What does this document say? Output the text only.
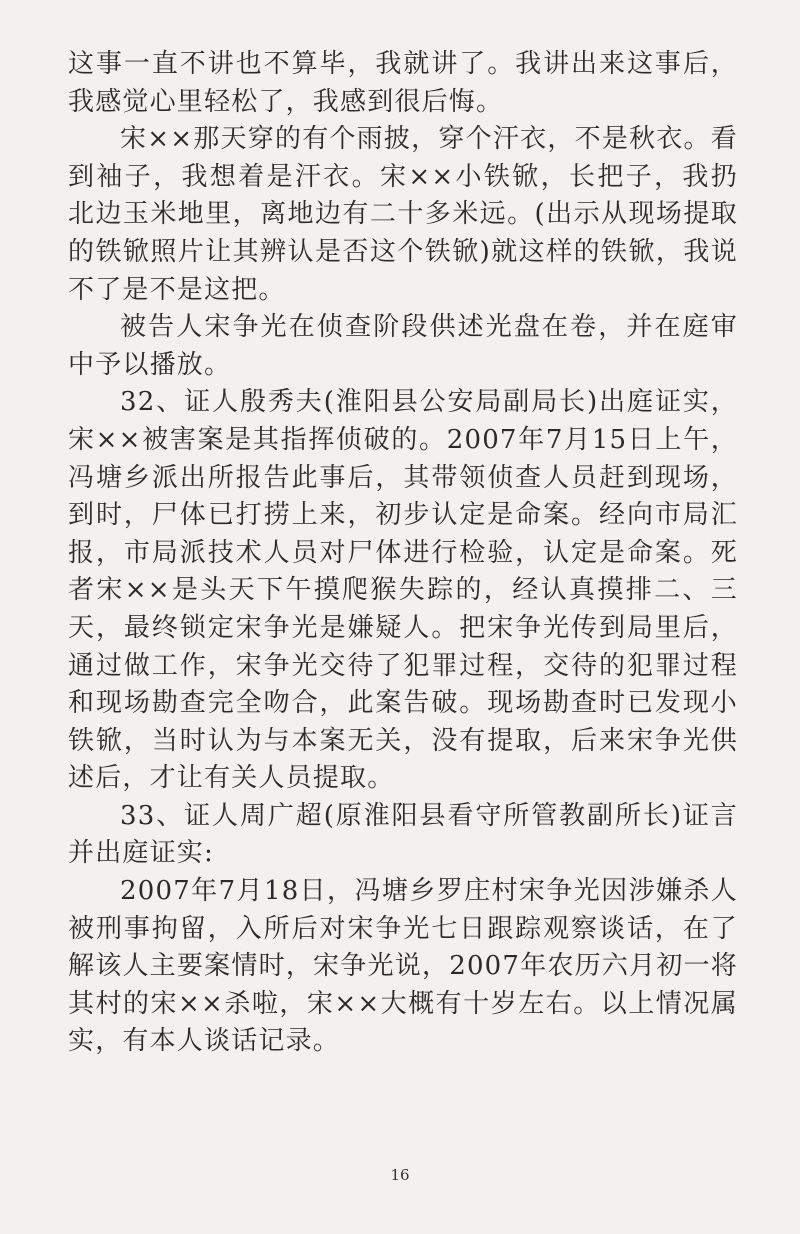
这事一直不讲也不算毕，我就讲了。我讲出来这事后，我感觉心里轻松了，我感到很后悔。

宋××那天穿的有个雨披，穿个汗衣，不是秋衣。看到袖子，我想着是汗衣。宋××小铁锨，长把子，我扔北边玉米地里，离地边有二十多米远。(出示从现场提取的铁锨照片让其辨认是否这个铁锨)就这样的铁锨，我说不了是不是这把。

被告人宋争光在侦查阶段供述光盘在卷，并在庭审中予以播放。

32、证人殷秀夫(淮阳县公安局副局长)出庭证实，宋××被害案是其指挥侦破的。2007年7月15日上午，冯塘乡派出所报告此事后，其带领侦查人员赶到现场，到时，尸体已打捞上来，初步认定是命案。经向市局汇报，市局派技术人员对尸体进行检验，认定是命案。死者宋××是头天下午摸爬猴失踪的，经认真摸排二、三天，最终锁定宋争光是嫌疑人。把宋争光传到局里后，通过做工作，宋争光交待了犯罪过程，交待的犯罪过程和现场勘查完全吻合，此案告破。现场勘查时已发现小铁锨，当时认为与本案无关，没有提取，后来宋争光供述后，才让有关人员提取。

33、证人周广超(原淮阳县看守所管教副所长)证言并出庭证实:

2007年7月18日，冯塘乡罗庄村宋争光因涉嫌杀人被刑事拘留，入所后对宋争光七日跟踪观察谈话，在了解该人主要案情时，宋争光说，2007年农历六月初一将其村的宋××杀啦，宋××大概有十岁左右。以上情况属实，有本人谈话记录。

16
